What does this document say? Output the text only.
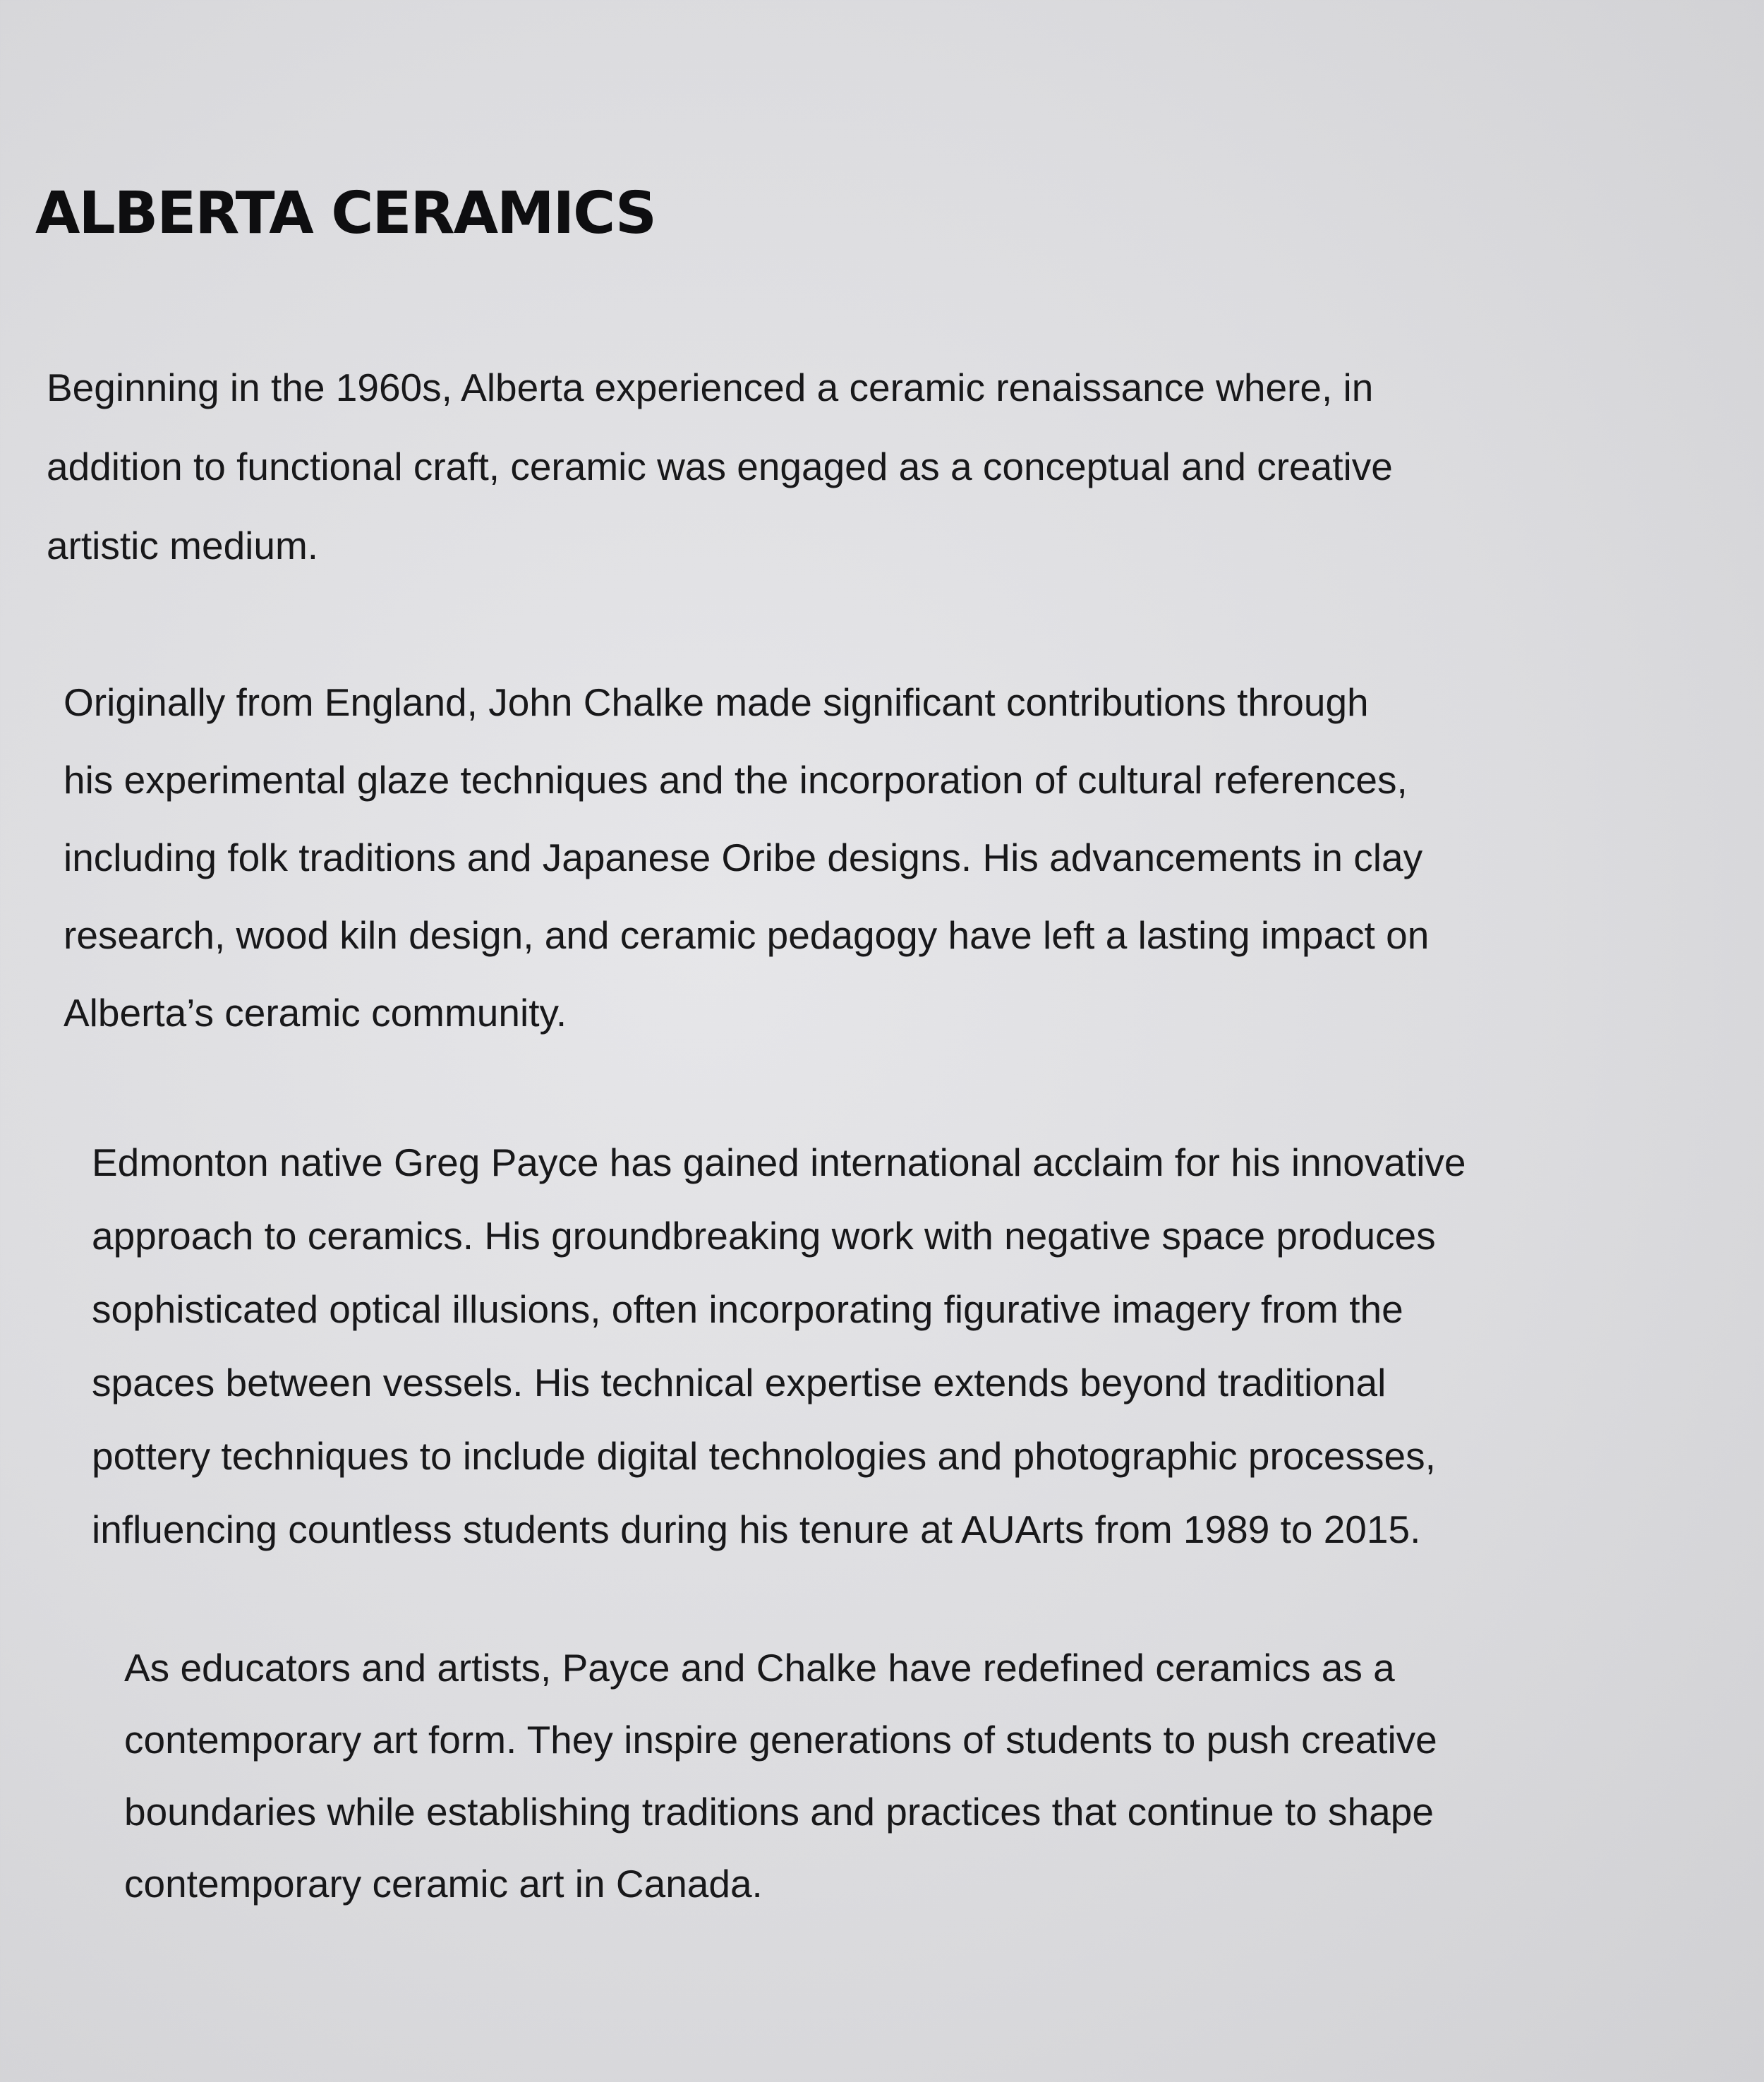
ALBERTA CERAMICS

Beginning in the 1960s, Alberta experienced a ceramic renaissance where, in

addition to functional craft, ceramic was engaged as a conceptual and creative

artistic medium.

Originally from England, John Chalke made significant contributions through

his experimental glaze techniques and the incorporation of cultural references,

including folk traditions and Japanese Oribe designs. His advancements in clay

research, wood kiln design, and ceramic pedagogy have left a lasting impact on

Alberta’s ceramic community.

Edmonton native Greg Payce has gained international acclaim for his innovative

approach to ceramics. His groundbreaking work with negative space produces

sophisticated optical illusions, often incorporating figurative imagery from the

spaces between vessels. His technical expertise extends beyond traditional

pottery techniques to include digital technologies and photographic processes,

influencing countless students during his tenure at AUArts from 1989 to 2015.

As educators and artists, Payce and Chalke have redefined ceramics as a

contemporary art form. They inspire generations of students to push creative

boundaries while establishing traditions and practices that continue to shape

contemporary ceramic art in Canada.
